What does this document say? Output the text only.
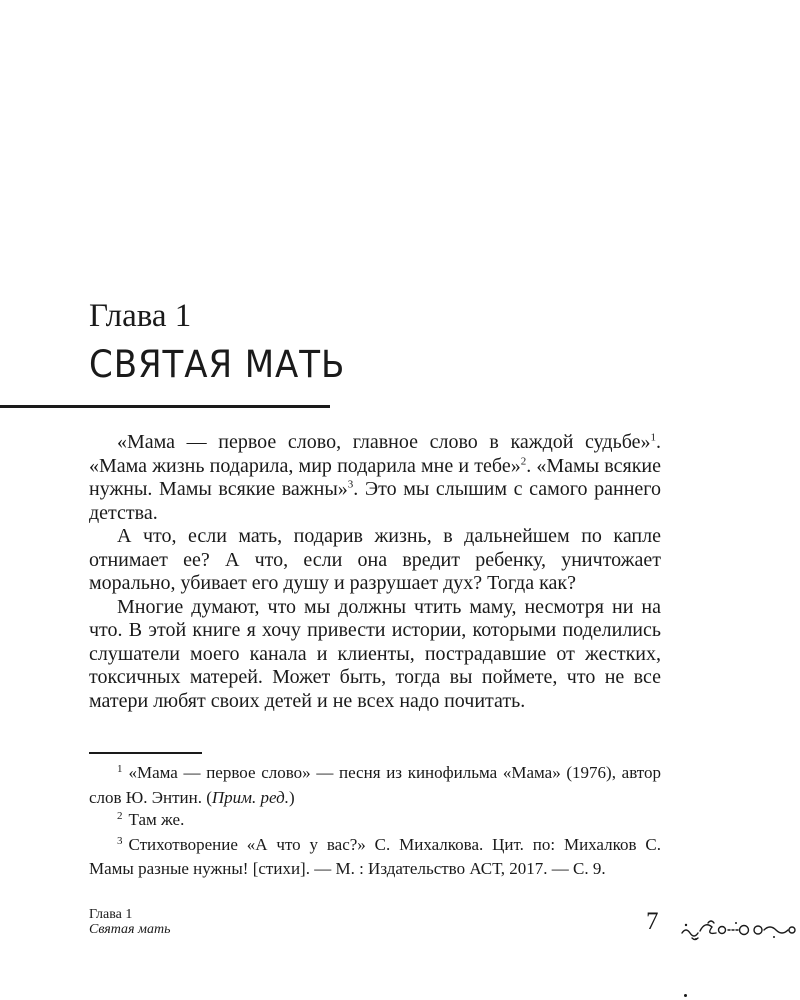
Глава 1
СВЯТАЯ МАТЬ

«Мама — первое слово, главное слово в каждой судьбе»$^1$. «Мама жизнь подарила, мир подарила мне и тебе»$^2$. «Мамы всякие нужны. Мамы всякие важны»$^3$. Это мы слышим с самого раннего детства.

А что, если мать, подарив жизнь, в дальнейшем по капле отнимает ее? А что, если она вредит ребенку, уничтожает морально, убивает его душу и разрушает дух? Тогда как?

Многие думают, что мы должны чтить маму, несмотря ни на что. В этой книге я хочу привести истории, которыми поделились слушатели моего канала и клиенты, пострадавшие от жестких, токсичных матерей. Может быть, тогда вы поймете, что не все матери любят своих детей и не всех надо почитать.

$^1$ «Мама — первое слово» — песня из кинофильма «Мама» (1976), автор слов Ю. Энтин. (Прим. ред.)

$^2$ Там же.

$^3$ Стихотворение «А что у вас?» С. Михалкова. Цит. по: Михалков С. Мамы разные нужны! [стихи]. — М. : Издательство АСТ, 2017. — С. 9.

Глава 1
Святая мать	7
